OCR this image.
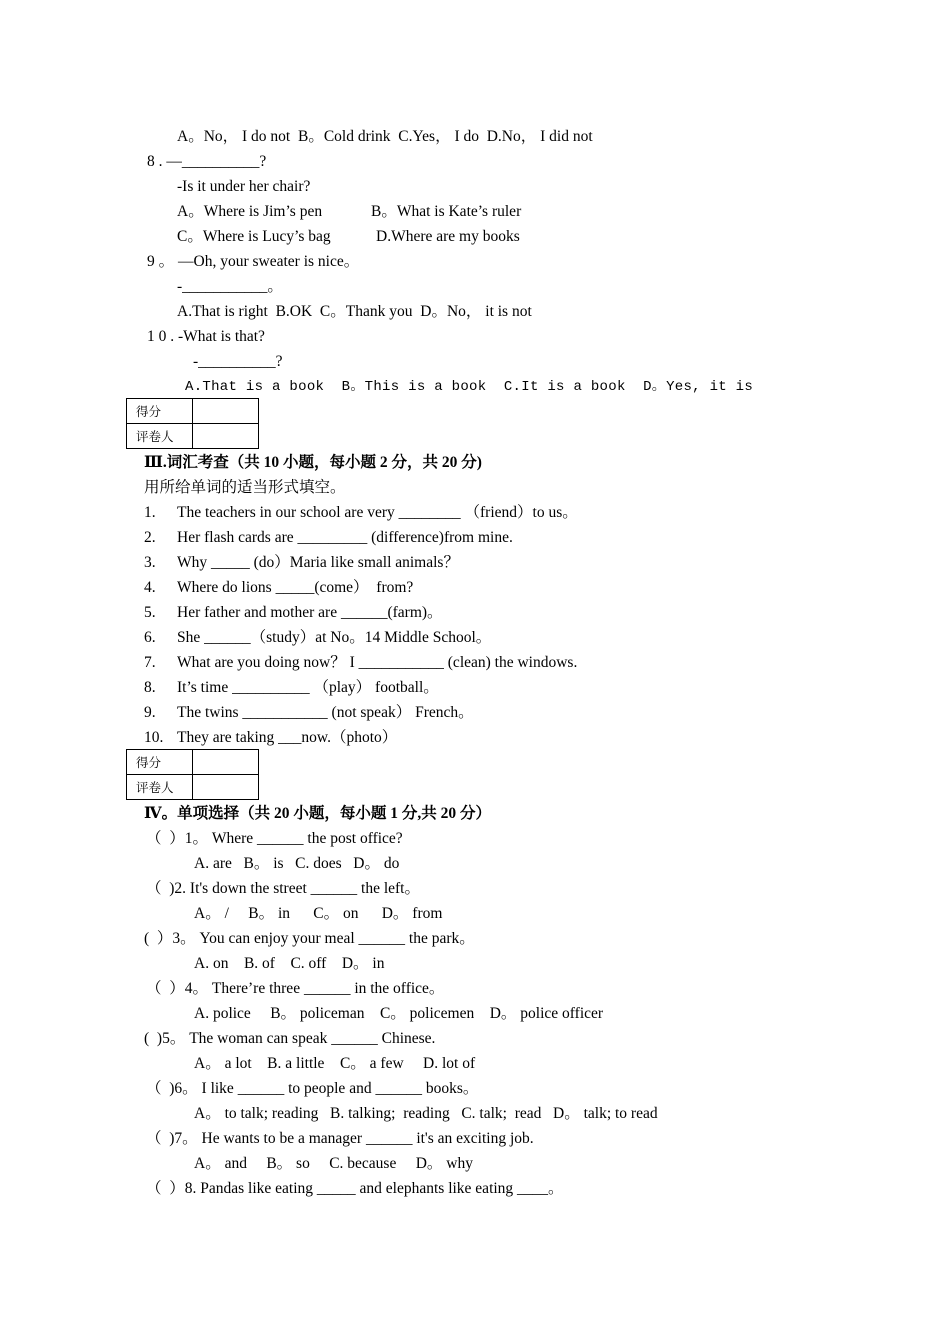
A。No， I do not  B。Cold drink  C.Yes， I do  D.No， I did not
8 . —__________?
-Is it under her chair?
A。Where is Jim’s pen	B。What is Kate’s ruler
C。Where is Lucy’s bag	D.Where are my books
9 。 —Oh, your sweater is nice。
-___________。
A.That is right  B.OK  C。Thank you  D。No， it is not
1 0 . -What is that?
-__________?
A.That is a book  B。This is a book  C.It is a book  D。Yes, it is
得分	
评卷人	
Ⅲ.词汇考查（共 10 小题，每小题 2 分，共 20 分)
用所给单词的适当形式填空。
1.	The teachers in our school are very ________ （friend）to us。
2.	Her flash cards are _________ (difference)from mine.
3.	Why _____ (do）Maria like small animals？
4.	Where do lions _____(come）  from?
5.	Her father and mother are ______(farm)。
6.	She ______（study）at No。14 Middle School。
7.	What are you doing now？ I ___________ (clean) the windows.
8.	It’s time __________ （play） football。
9.	The twins ___________ (not speak） French。
10. They are taking ___now.（photo）
得分	
评卷人	
Ⅳ。单项选择（共 20 小题，每小题 1 分,共 20 分）
（  ）1。 Where ______ the post office?
A. are   B。 is   C. does   D。 do
（  )2. It's down the street ______ the left。
A。 /     B。 in      C。 on      D。 from
(  ）3。 You can enjoy your meal ______ the park。
A. on    B. of    C. off    D。 in
（  ）4。 There’re three ______ in the office。
A. police     B。 policeman    C。 policemen    D。 police officer
(  )5。 The woman can speak ______ Chinese.
A。 a lot    B. a little    C。 a few     D. lot of
（  )6。 I like ______ to people and ______ books。
A。 to talk; reading   B. talking;  reading   C. talk;  read   D。 talk; to read
（  )7。 He wants to be a manager ______ it's an exciting job.
A。 and     B。 so     C. because     D。 why
（  ）8. Pandas like eating _____ and elephants like eating ____。
